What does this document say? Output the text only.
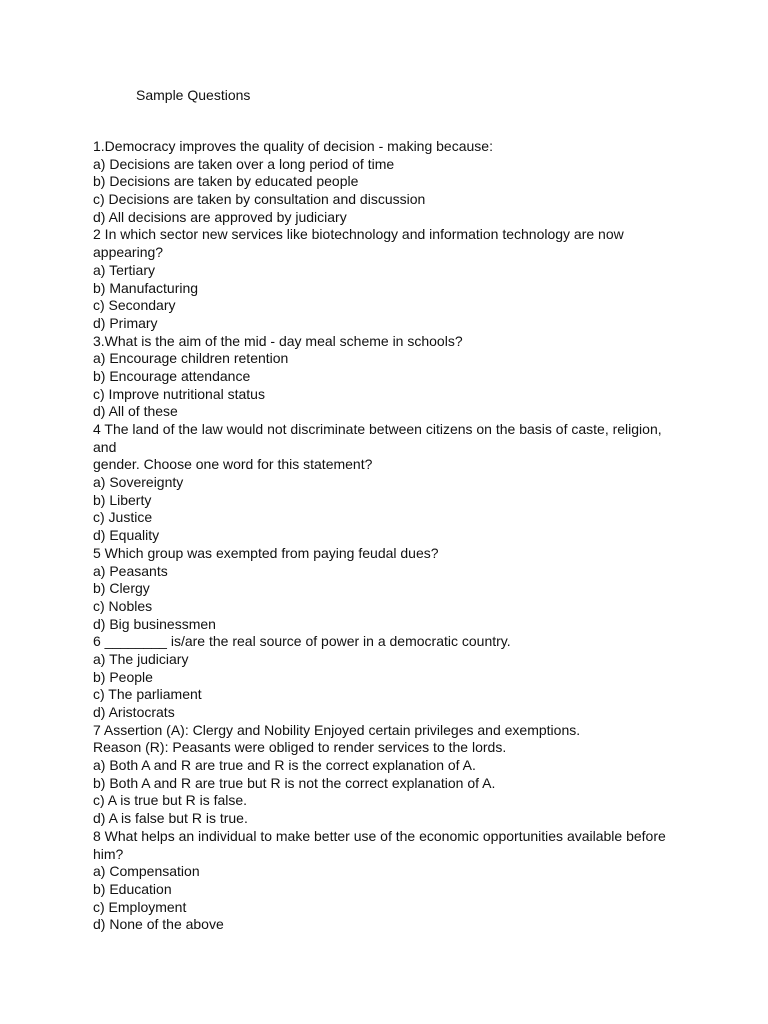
Sample Questions
1.Democracy improves the quality of decision - making because:
a) Decisions are taken over a long period of time
b) Decisions are taken by educated people
c) Decisions are taken by consultation and discussion
d) All decisions are approved by judiciary
2 In which sector new services like biotechnology and information technology are now
appearing?
a) Tertiary
b) Manufacturing
c) Secondary
d) Primary
3.What is the aim of the mid - day meal scheme in schools?
a) Encourage children retention
b) Encourage attendance
c) Improve nutritional status
d) All of these
4 The land of the law would not discriminate between citizens on the basis of caste, religion,
and
gender. Choose one word for this statement?
a) Sovereignty
b) Liberty
c) Justice
d) Equality
5 Which group was exempted from paying feudal dues?
a) Peasants
b) Clergy
c) Nobles
d) Big businessmen
6 ________ is/are the real source of power in a democratic country.
a) The judiciary
b) People
c) The parliament
d) Aristocrats
7 Assertion (A): Clergy and Nobility Enjoyed certain privileges and exemptions.
Reason (R): Peasants were obliged to render services to the lords.
a) Both A and R are true and R is the correct explanation of A.
b) Both A and R are true but R is not the correct explanation of A.
c) A is true but R is false.
d) A is false but R is true.
8 What helps an individual to make better use of the economic opportunities available before
him?
a) Compensation
b) Education
c) Employment
d) None of the above
